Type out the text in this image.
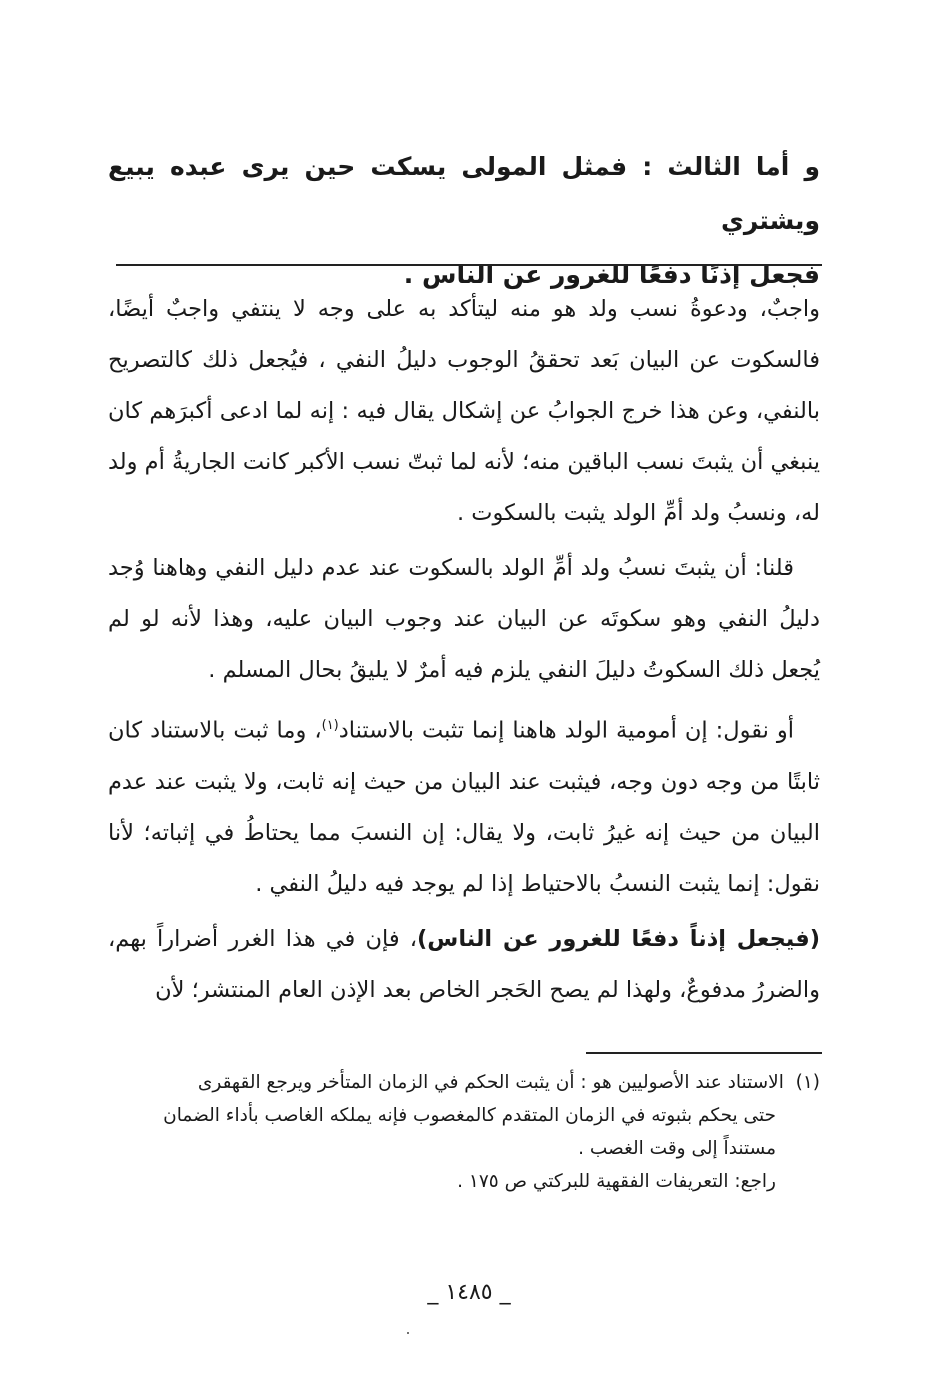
و أما الثالث : فمثل المولى يسكت حين يرى عبده يبيع ويشتري
فجعل إذنًا دفعًا للغرور عن الناس .

واجبٌ، ودعوةُ نسب ولد هو منه ليتأكد به على وجه لا ينتفي واجبٌ أيضًا، فالسكوت عن البيان بَعد تحققُ الوجوب دليلُ النفي ، فيُجعل ذلك كالتصريح بالنفي، وعن هذا خرج الجوابُ عن إشكال يقال فيه : إنه لما ادعى أكبرَهم كان ينبغي أن يثبتَ نسب الباقين منه؛ لأنه لما ثبتّ نسب الأكبر كانت الجاريةُ أم ولد له، ونسبُ ولد أمِّ الولد يثبت بالسكوت .

قلنا: أن يثبتَ نسبُ ولد أمِّ الولد بالسكوت عند عدم دليل النفي وهاهنا وُجد دليلُ النفي وهو سكوتَه عن البيان عند وجوب البيان عليه، وهذا لأنه لو لم يُجعل ذلك السكوتُ دليلَ النفي يلزم فيه أمرٌ لا يليقُ بحال المسلم .

أو نقول: إن أمومية الولد هاهنا إنما تثبت بالاستناد$^{(١)}$، وما ثبت بالاستناد كان ثابتًا من وجه دون وجه، فيثبت عند البيان من حيث إنه ثابت، ولا يثبت عند عدم البيان من حيث إنه غيرُ ثابت، ولا يقال: إن النسبَ مما يحتاطُ في إثباته؛ لأنا نقول: إنما يثبت النسبُ بالاحتياط إذا لم يوجد فيه دليلُ النفي .

(فيجعل إذناً دفعًا للغرور عن الناس)، فإن في هذا الغرر أضراراً بهم، والضررُ مدفوعٌ، ولهذا لم يصح الحَجر الخاص بعد الإذن العام المنتشر؛ لأن

(١)  الاستناد عند الأصوليين هو : أن يثبت الحكم في الزمان المتأخر ويرجع القهقرى

حتى يحكم بثبوته في الزمان المتقدم كالمغصوب فإنه يملكه الغاصب بأداء الضمان

مستنداً إلى وقت الغصب .

راجع: التعريفات الفقهية للبركتي ص ١٧٥ .

_ ١٤٨٥ _
